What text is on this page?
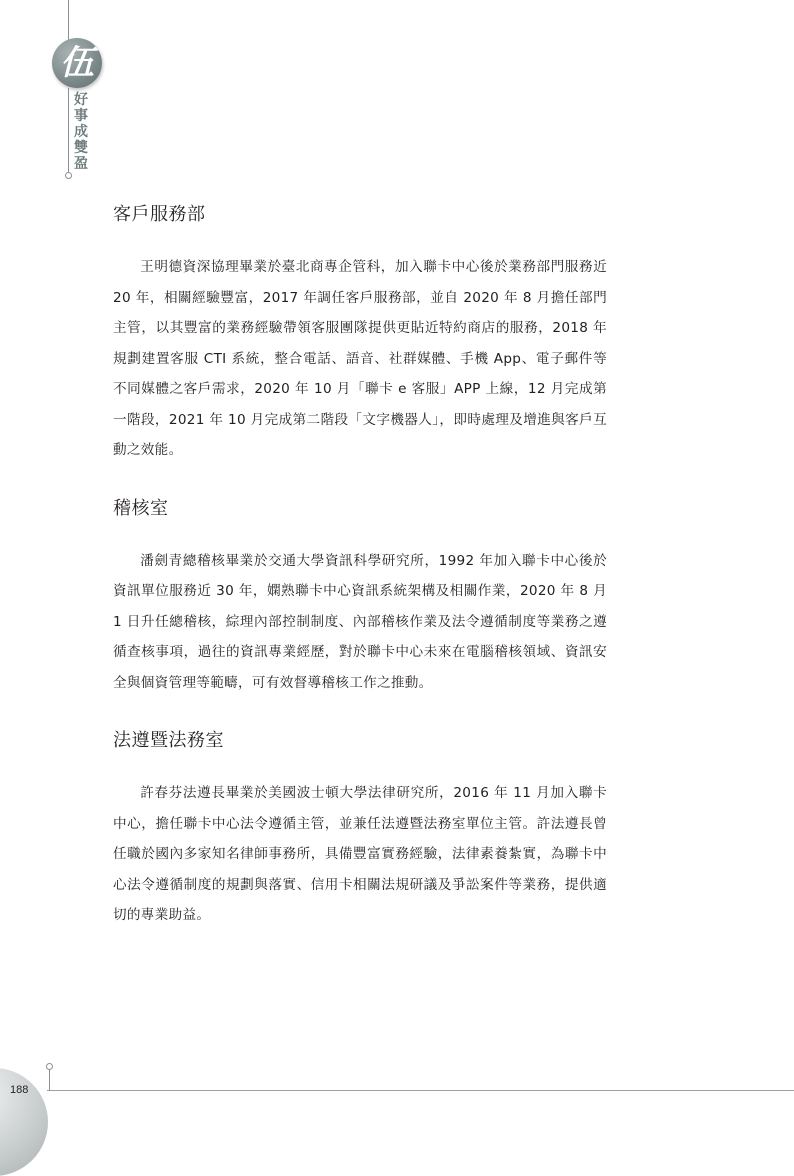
伍
好事成雙盈
客戶服務部

王明德資深協理畢業於臺北商專企管科，加入聯卡中心後於業務部門服務近 20 年，相關經驗豐富，2017 年調任客戶服務部，並自 2020 年 8 月擔任部門主管，以其豐富的業務經驗帶領客服團隊提供更貼近特約商店的服務，2018 年規劃建置客服 CTI 系統，整合電話、語音、社群媒體、手機 App、電子郵件等不同媒體之客戶需求，2020 年 10 月「聯卡 e 客服」APP 上線，12 月完成第一階段，2021 年 10 月完成第二階段「文字機器人」，即時處理及增進與客戶互動之效能。

稽核室

潘劍青總稽核畢業於交通大學資訊科學研究所，1992 年加入聯卡中心後於資訊單位服務近 30 年，嫻熟聯卡中心資訊系統架構及相關作業，2020 年 8 月 1 日升任總稽核，綜理內部控制制度、內部稽核作業及法令遵循制度等業務之遵循查核事項，過往的資訊專業經歷，對於聯卡中心未來在電腦稽核領域、資訊安全與個資管理等範疇，可有效督導稽核工作之推動。

法遵暨法務室

許春芬法遵長畢業於美國波士頓大學法律研究所，2016 年 11 月加入聯卡中心，擔任聯卡中心法令遵循主管，並兼任法遵暨法務室單位主管。許法遵長曾任職於國內多家知名律師事務所，具備豐富實務經驗，法律素養紮實，為聯卡中心法令遵循制度的規劃與落實、信用卡相關法規研議及爭訟案件等業務，提供適切的專業助益。

188
